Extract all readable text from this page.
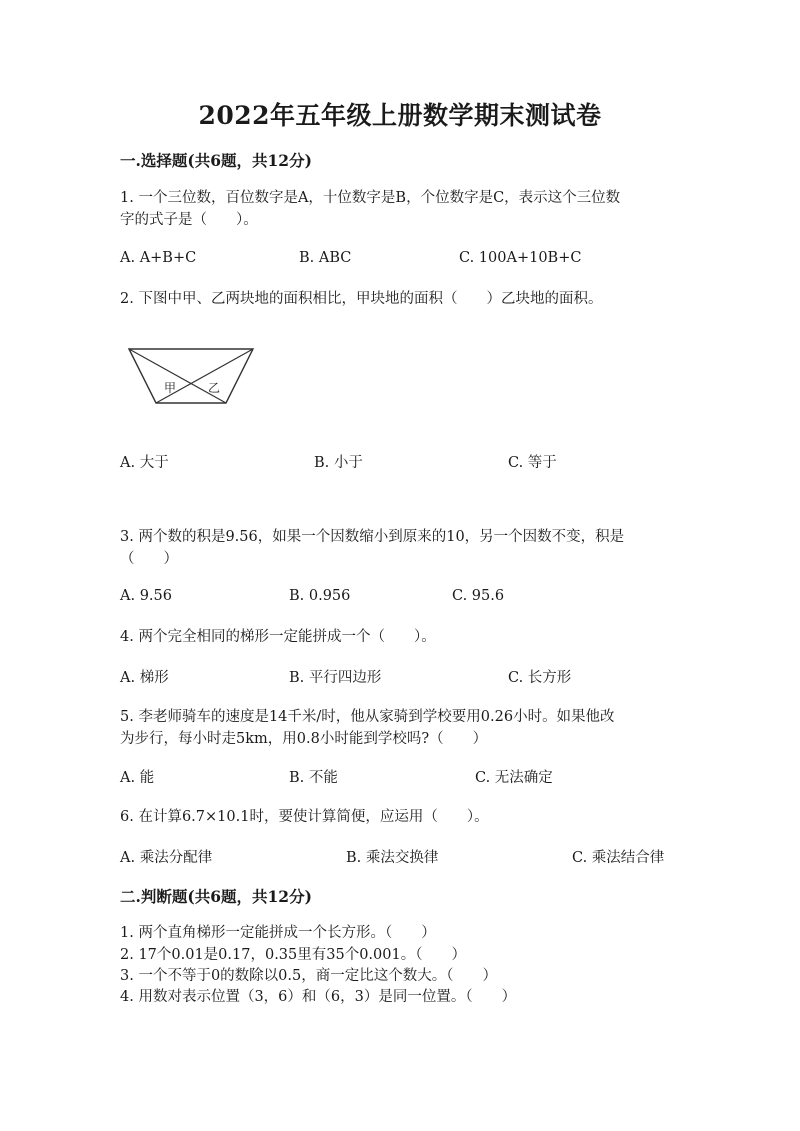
2022年五年级上册数学期末测试卷
一.选择题(共6题，共12分)
1. 一个三位数，百位数字是A，十位数字是B，个位数字是C，表示这个三位数
字的式子是（　　）。
A. A+B+C	B. ABC	C. 100A+10B+C
2. 下图中甲、乙两块地的面积相比，甲块地的面积（　　）乙块地的面积。
甲	乙
A. 大于	B. 小于	C. 等于
3. 两个数的积是9.56，如果一个因数缩小到原来的10，另一个因数不变，积是
（　　）
A. 9.56	B. 0.956	C. 95.6
4. 两个完全相同的梯形一定能拼成一个（　　）。
A. 梯形	B. 平行四边形	C. 长方形
5. 李老师骑车的速度是14千米/时，他从家骑到学校要用0.26小时。如果他改
为步行，每小时走5km，用0.8小时能到学校吗?（　　）
A. 能	B. 不能	C. 无法确定
6. 在计算6.7×10.1时，要使计算简便，应运用（　　）。
A. 乘法分配律	B. 乘法交换律	C. 乘法结合律
二.判断题(共6题，共12分)
1. 两个直角梯形一定能拼成一个长方形。（　　）
2. 17个0.01是0.17，0.35里有35个0.001。（　　）
3. 一个不等于0的数除以0.5，商一定比这个数大。（　　）
4. 用数对表示位置（3，6）和（6，3）是同一位置。（　　）
